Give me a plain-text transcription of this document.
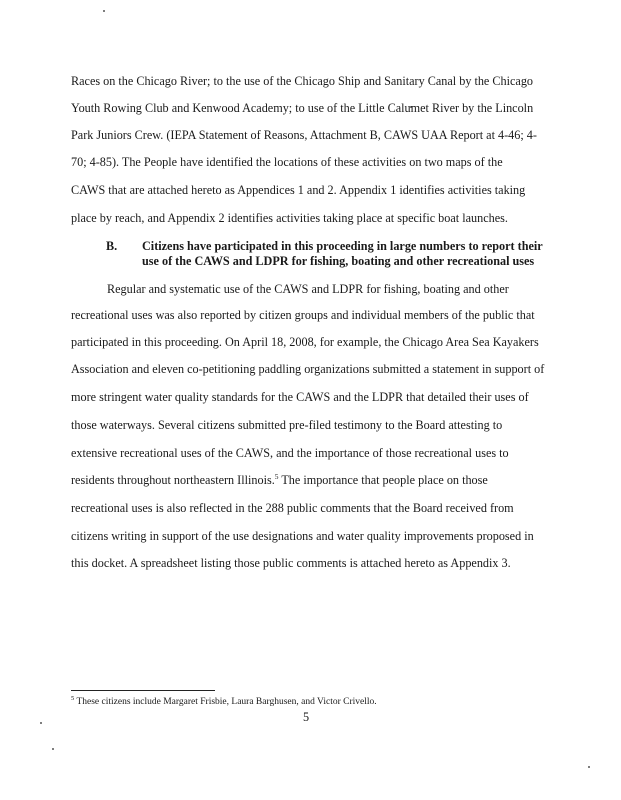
Races on the Chicago River; to the use of the Chicago Ship and Sanitary Canal by the Chicago
Youth Rowing Club and Kenwood Academy; to use of the Little Calumet River by the Lincoln
Park Juniors Crew. (IEPA Statement of Reasons, Attachment B, CAWS UAA Report at 4-46; 4-
70; 4-85). The People have identified the locations of these activities on two maps of the
CAWS that are attached hereto as Appendices 1 and 2. Appendix 1 identifies activities taking
place by reach, and Appendix 2 identifies activities taking place at specific boat launches.
B. Citizens have participated in this proceeding in large numbers to report their
use of the CAWS and LDPR for fishing, boating and other recreational uses
Regular and systematic use of the CAWS and LDPR for fishing, boating and other
recreational uses was also reported by citizen groups and individual members of the public that
participated in this proceeding. On April 18, 2008, for example, the Chicago Area Sea Kayakers
Association and eleven co-petitioning paddling organizations submitted a statement in support of
more stringent water quality standards for the CAWS and the LDPR that detailed their uses of
those waterways. Several citizens submitted pre-filed testimony to the Board attesting to
extensive recreational uses of the CAWS, and the importance of those recreational uses to
residents throughout northeastern Illinois.$^5$ The importance that people place on those
recreational uses is also reflected in the 288 public comments that the Board received from
citizens writing in support of the use designations and water quality improvements proposed in
this docket. A spreadsheet listing those public comments is attached hereto as Appendix 3.
$^5$ These citizens include Margaret Frisbie, Laura Barghusen, and Victor Crivello.
5
